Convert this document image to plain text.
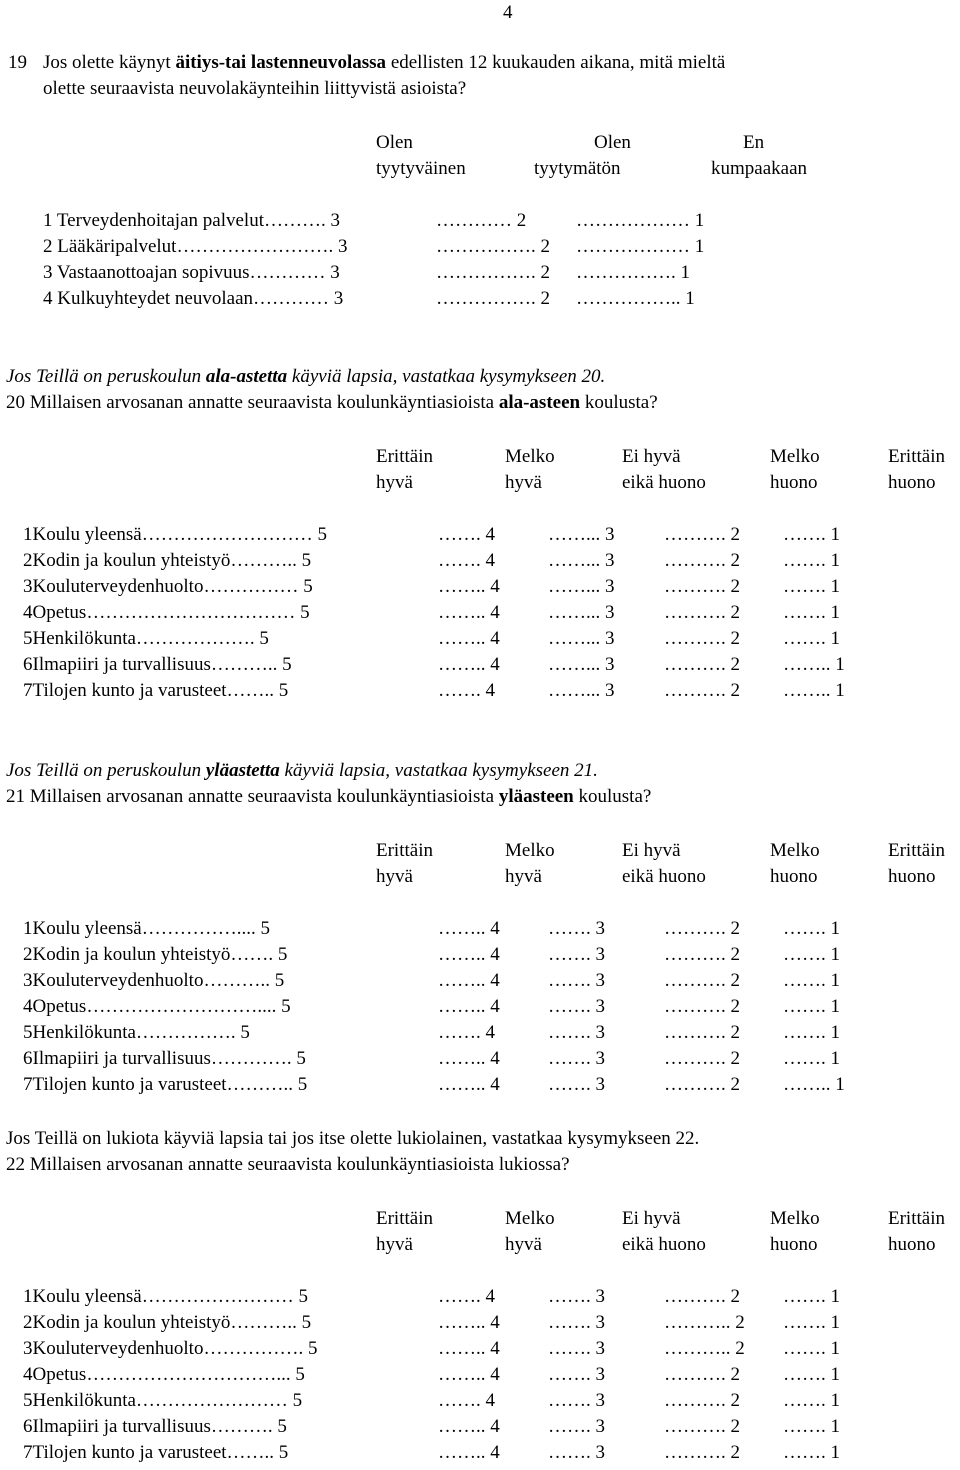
4
19 Jos olette käynyt äitiys-tai lastenneuvolassa edellisten 12 kuukauden aikana, mitä mieltä
olette seuraavista neuvolakäynteihin liittyvistä asioista?
Olen
tyytyväinen
Olen
tyytymätön
En
kumpaakaan
1 Terveydenhoitajan palvelut………. 3	………… 2	……………… 1
2 Lääkäripalvelut……………………. 3	……………. 2 ……………… 1
3 Vastaanottoajan sopivuus………… 3	……………. 2 ……………. 1
4 Kulkuyhteydet neuvolaan………… 3	……………. 2 …………….. 1
Jos Teillä on peruskoulun ala-astetta käyviä lapsia, vastatkaa kysymykseen 20.
20 Millaisen arvosanan annatte seuraavista koulunkäyntiasioista ala-asteen koulusta?
Erittäin
hyvä
Melko
hyvä
Ei hyvä
eikä huono
Melko
huono
Erittäin
huono
1Koulu yleensä……………………… 5	……. 4	……... 3	………. 2 ……. 1
2Kodin ja koulun yhteistyö……….. 5	……. 4	……... 3	………. 2 ……. 1
3Kouluterveydenhuolto…………… 5	…….. 4	……... 3	………. 2 ……. 1
4Opetus…………………………… 5	…….. 4	……... 3	………. 2 ……. 1
5Henkilökunta………………. 5	…….. 4	……... 3	………. 2 ……. 1
6Ilmapiiri ja turvallisuus……….. 5	…….. 4	……... 3	………. 2 …….. 1
7Tilojen kunto ja varusteet…….. 5	……. 4	……... 3	………. 2 …….. 1
Jos Teillä on peruskoulun yläastetta käyviä lapsia, vastatkaa kysymykseen 21.
21 Millaisen arvosanan annatte seuraavista koulunkäyntiasioista yläasteen koulusta?
Erittäin
hyvä
Melko
hyvä
Ei hyvä
eikä huono
Melko
huono
Erittäin
huono
1Koulu yleensä…………….... 5	…….. 4	……. 3	………. 2 ……. 1
2Kodin ja koulun yhteistyö……. 5	…….. 4	……. 3	………. 2 ……. 1
3Kouluterveydenhuolto……….. 5	…….. 4	……. 3	………. 2 ……. 1
4Opetus……………………….... 5	…….. 4	……. 3	………. 2 ……. 1
5Henkilökunta……………. 5	……. 4	……. 3	………. 2 ……. 1
6Ilmapiiri ja turvallisuus…………. 5	…….. 4	……. 3	………. 2 ……. 1
7Tilojen kunto ja varusteet……….. 5	…….. 4	……. 3	………. 2 …….. 1
Jos Teillä on lukiota käyviä lapsia tai jos itse olette lukiolainen, vastatkaa kysymykseen 22.
22 Millaisen arvosanan annatte seuraavista koulunkäyntiasioista lukiossa?
Erittäin
hyvä
Melko
hyvä
Ei hyvä
eikä huono
Melko
huono
Erittäin
huono
1Koulu yleensä…………………… 5	……. 4	……. 3	………. 2 ……. 1
2Kodin ja koulun yhteistyö……….. 5	…….. 4	……. 3	……….. 2 ……. 1
3Kouluterveydenhuolto……………. 5	…….. 4	……. 3	……….. 2 ……. 1
4Opetus…………………………... 5	…….. 4	……. 3	………. 2 ……. 1
5Henkilökunta…………………… 5	……. 4	……. 3	………. 2 ……. 1
6Ilmapiiri ja turvallisuus………. 5	…….. 4	……. 3	………. 2 ……. 1
7Tilojen kunto ja varusteet…….. 5	…….. 4	……. 3	………. 2 ……. 1
